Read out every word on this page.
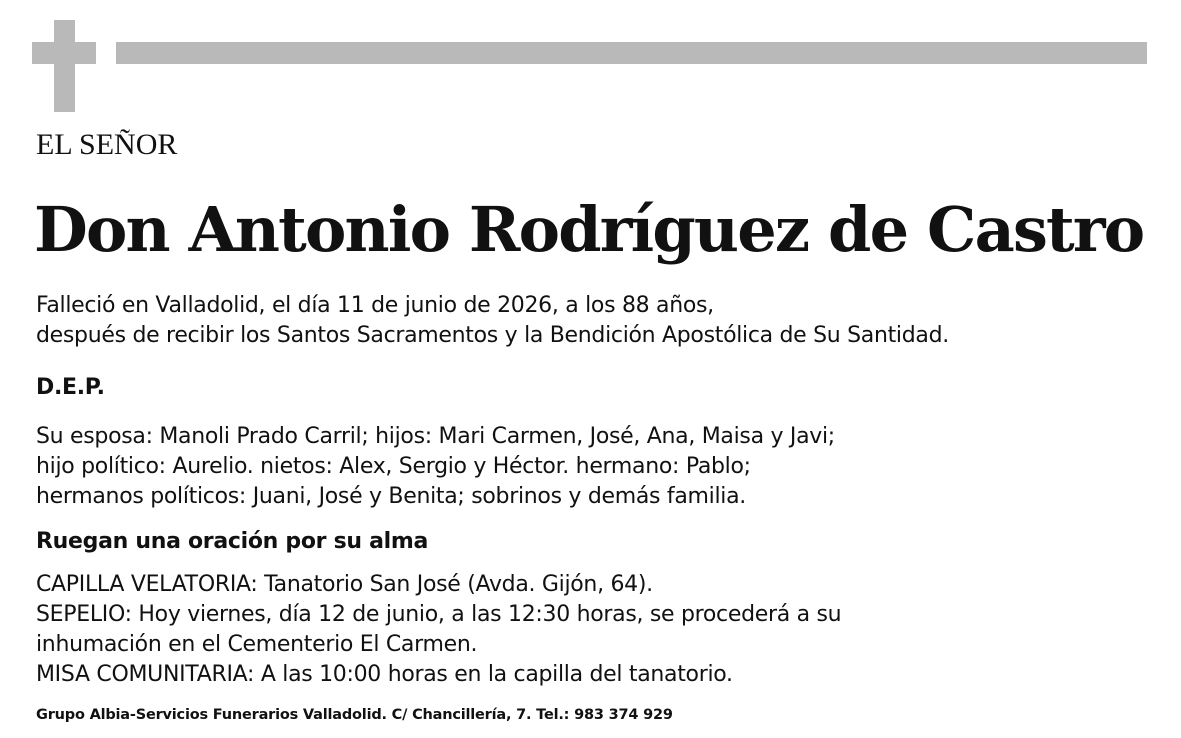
EL SEÑOR
Don Antonio Rodríguez de Castro
Falleció en Valladolid, el día 11 de junio de 2026, a los 88 años,
después de recibir los Santos Sacramentos y la Bendición Apostólica de Su Santidad.
D.E.P.
Su esposa: Manoli Prado Carril; hijos: Mari Carmen, José, Ana, Maisa y Javi;
hijo político: Aurelio. nietos: Alex, Sergio y Héctor. hermano: Pablo;
hermanos políticos: Juani, José y Benita; sobrinos y demás familia.
Ruegan una oración por su alma
CAPILLA VELATORIA: Tanatorio San José (Avda. Gijón, 64).
SEPELIO: Hoy viernes, día 12 de junio, a las 12:30 horas, se procederá a su
inhumación en el Cementerio El Carmen.
MISA COMUNITARIA: A las 10:00 horas en la capilla del tanatorio.
Grupo Albia-Servicios Funerarios Valladolid. C/ Chancillería, 7. Tel.: 983 374 929
